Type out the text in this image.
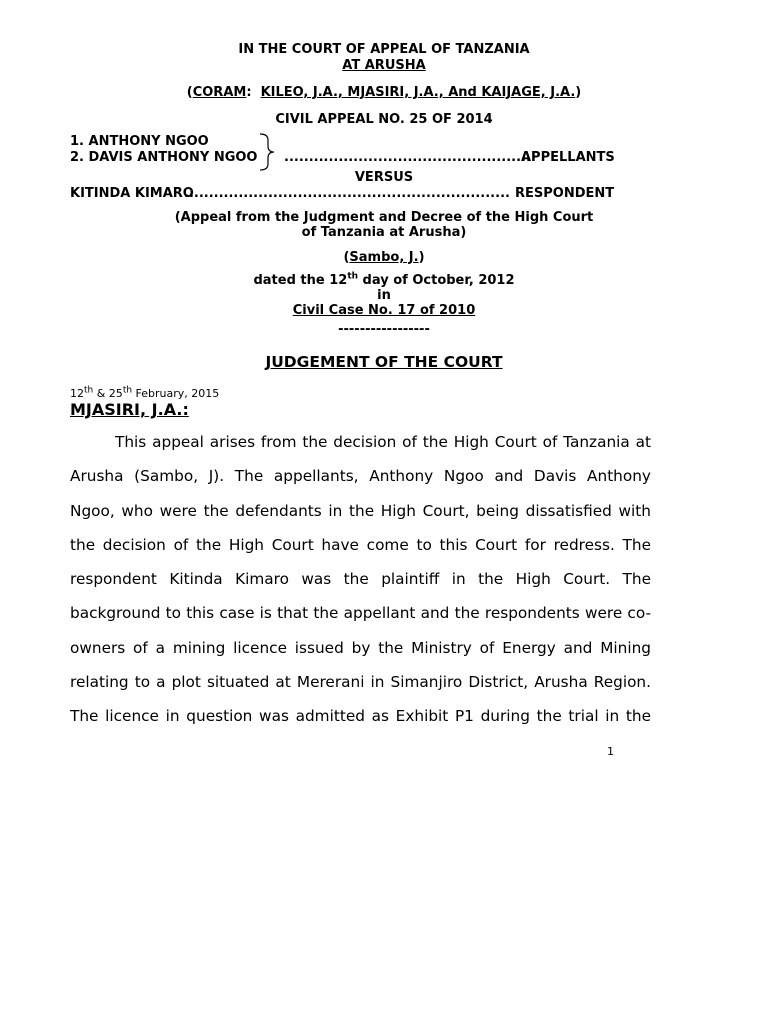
IN THE COURT OF APPEAL OF TANZANIA
AT ARUSHA
(CORAM: KILEO, J.A., MJASIRI, J.A., And KAIJAGE, J.A.)
CIVIL APPEAL NO. 25 OF 2014
1. ANTHONY NGOO
2. DAVIS ANTHONY NGOO ..................................................
APPELLANTS
VERSUS
KITINDA KIMARO
.................................................................. RESPONDENT
(Appeal from the Judgment and Decree of the High Court
of Tanzania at Arusha)
(Sambo, J.)
dated the 12th day of October, 2012
in
Civil Case No. 17 of 2010
-----------------
JUDGEMENT OF THE COURT
12th & 25th February, 2015
MJASIRI, J.A.:
This appeal arises from the decision of the High Court of Tanzania at
Arusha (Sambo, J). The appellants, Anthony Ngoo and Davis Anthony
Ngoo, who were the defendants in the High Court, being dissatisfied with
the decision of the High Court have come to this Court for redress. The
respondent Kitinda Kimaro was the plaintiff in the High Court. The
background to this case is that the appellant and the respondents were co-
owners of a mining licence issued by the Ministry of Energy and Mining
relating to a plot situated at Mererani in Simanjiro District, Arusha Region.
The licence in question was admitted as Exhibit P1 during the trial in the
1
